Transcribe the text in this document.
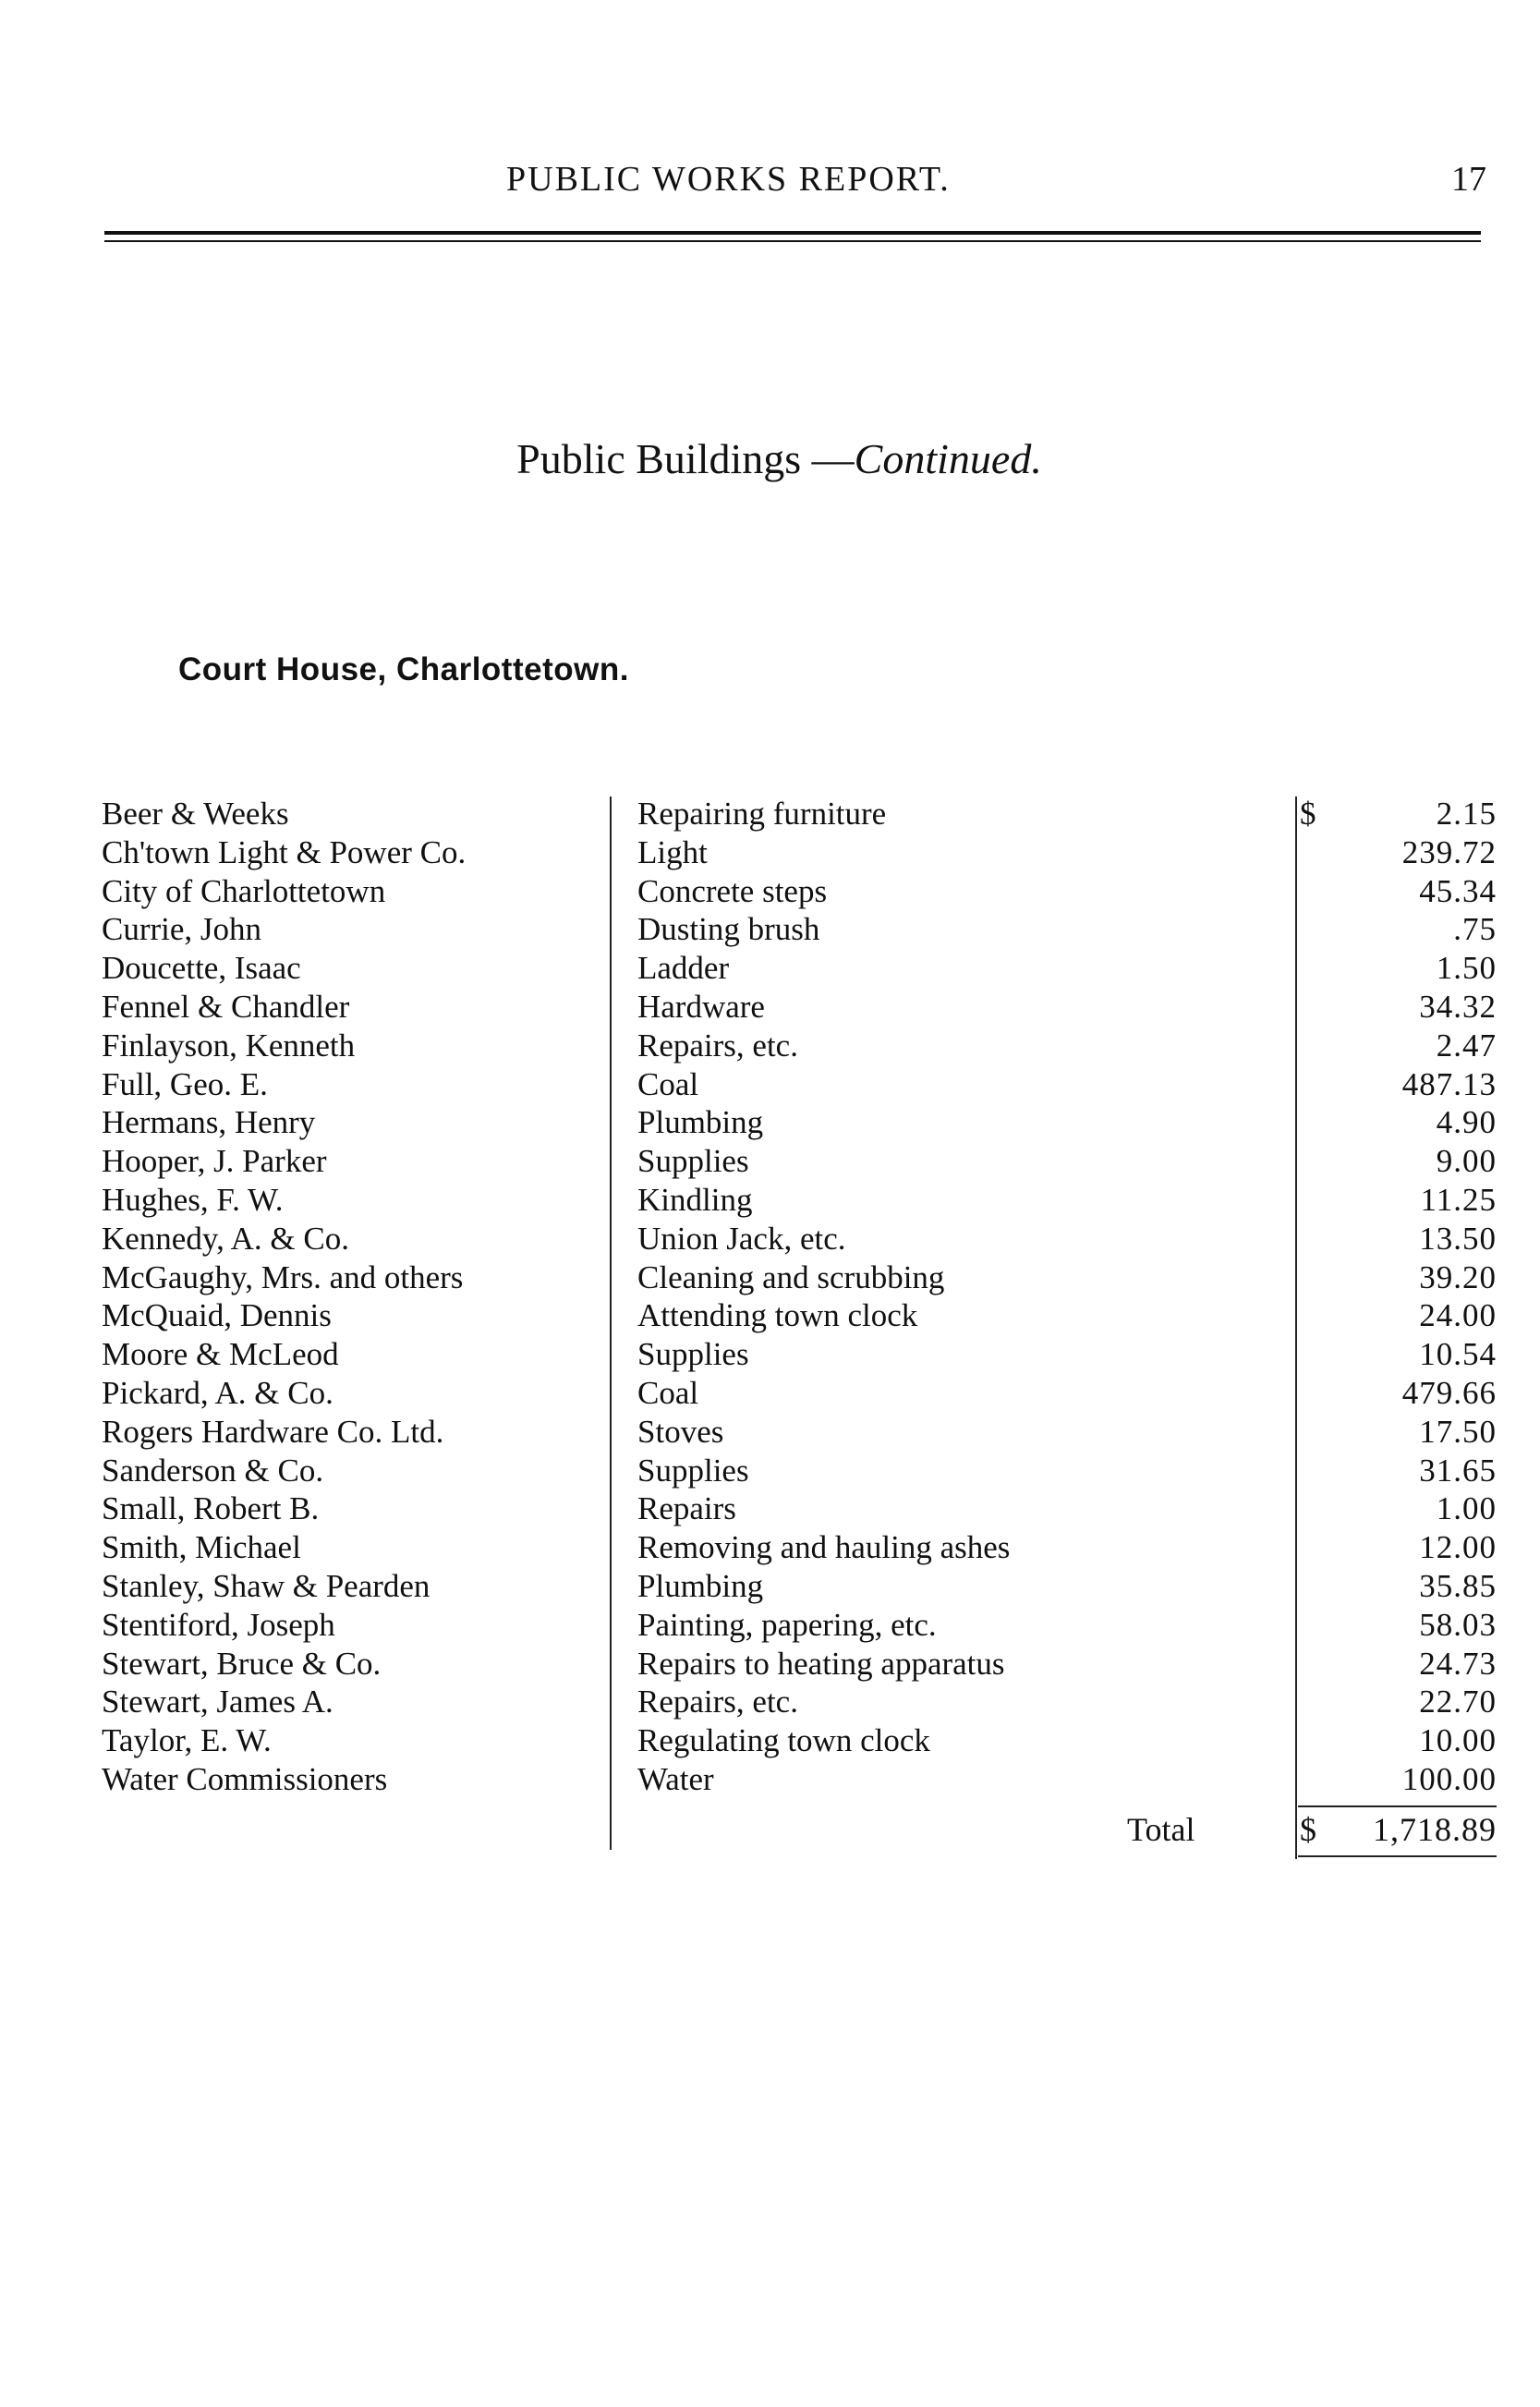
PUBLIC WORKS REPORT.	17
Public Buildings —Continued.
Court House, Charlottetown.
Beer & Weeks	Repairing furniture	$	2.15
Ch'town Light & Power Co.	Light	239.72
City of Charlottetown	Concrete steps	45.34
Currie, John	Dusting brush	.75
Doucette, Isaac	Ladder	1.50
Fennel & Chandler	Hardware	34.32
Finlayson, Kenneth	Repairs, etc.	2.47
Full, Geo. E.	Coal	487.13
Hermans, Henry	Plumbing	4.90
Hooper, J. Parker	Supplies	9.00
Hughes, F. W.	Kindling	11.25
Kennedy, A. & Co.	Union Jack, etc.	13.50
McGaughy, Mrs. and others	Cleaning and scrubbing	39.20
McQuaid, Dennis	Attending town clock	24.00
Moore & McLeod	Supplies	10.54
Pickard, A. & Co.	Coal	479.66
Rogers Hardware Co. Ltd.	Stoves	17.50
Sanderson & Co.	Supplies	31.65
Small, Robert B.	Repairs	1.00
Smith, Michael	Removing and hauling ashes	12.00
Stanley, Shaw & Pearden	Plumbing	35.85
Stentiford, Joseph	Painting, papering, etc.	58.03
Stewart, Bruce & Co.	Repairs to heating apparatus	24.73
Stewart, James A.	Repairs, etc.	22.70
Taylor, E. W.	Regulating town clock	10.00
Water Commissioners	Water	100.00
Total	$ 1,718.89
